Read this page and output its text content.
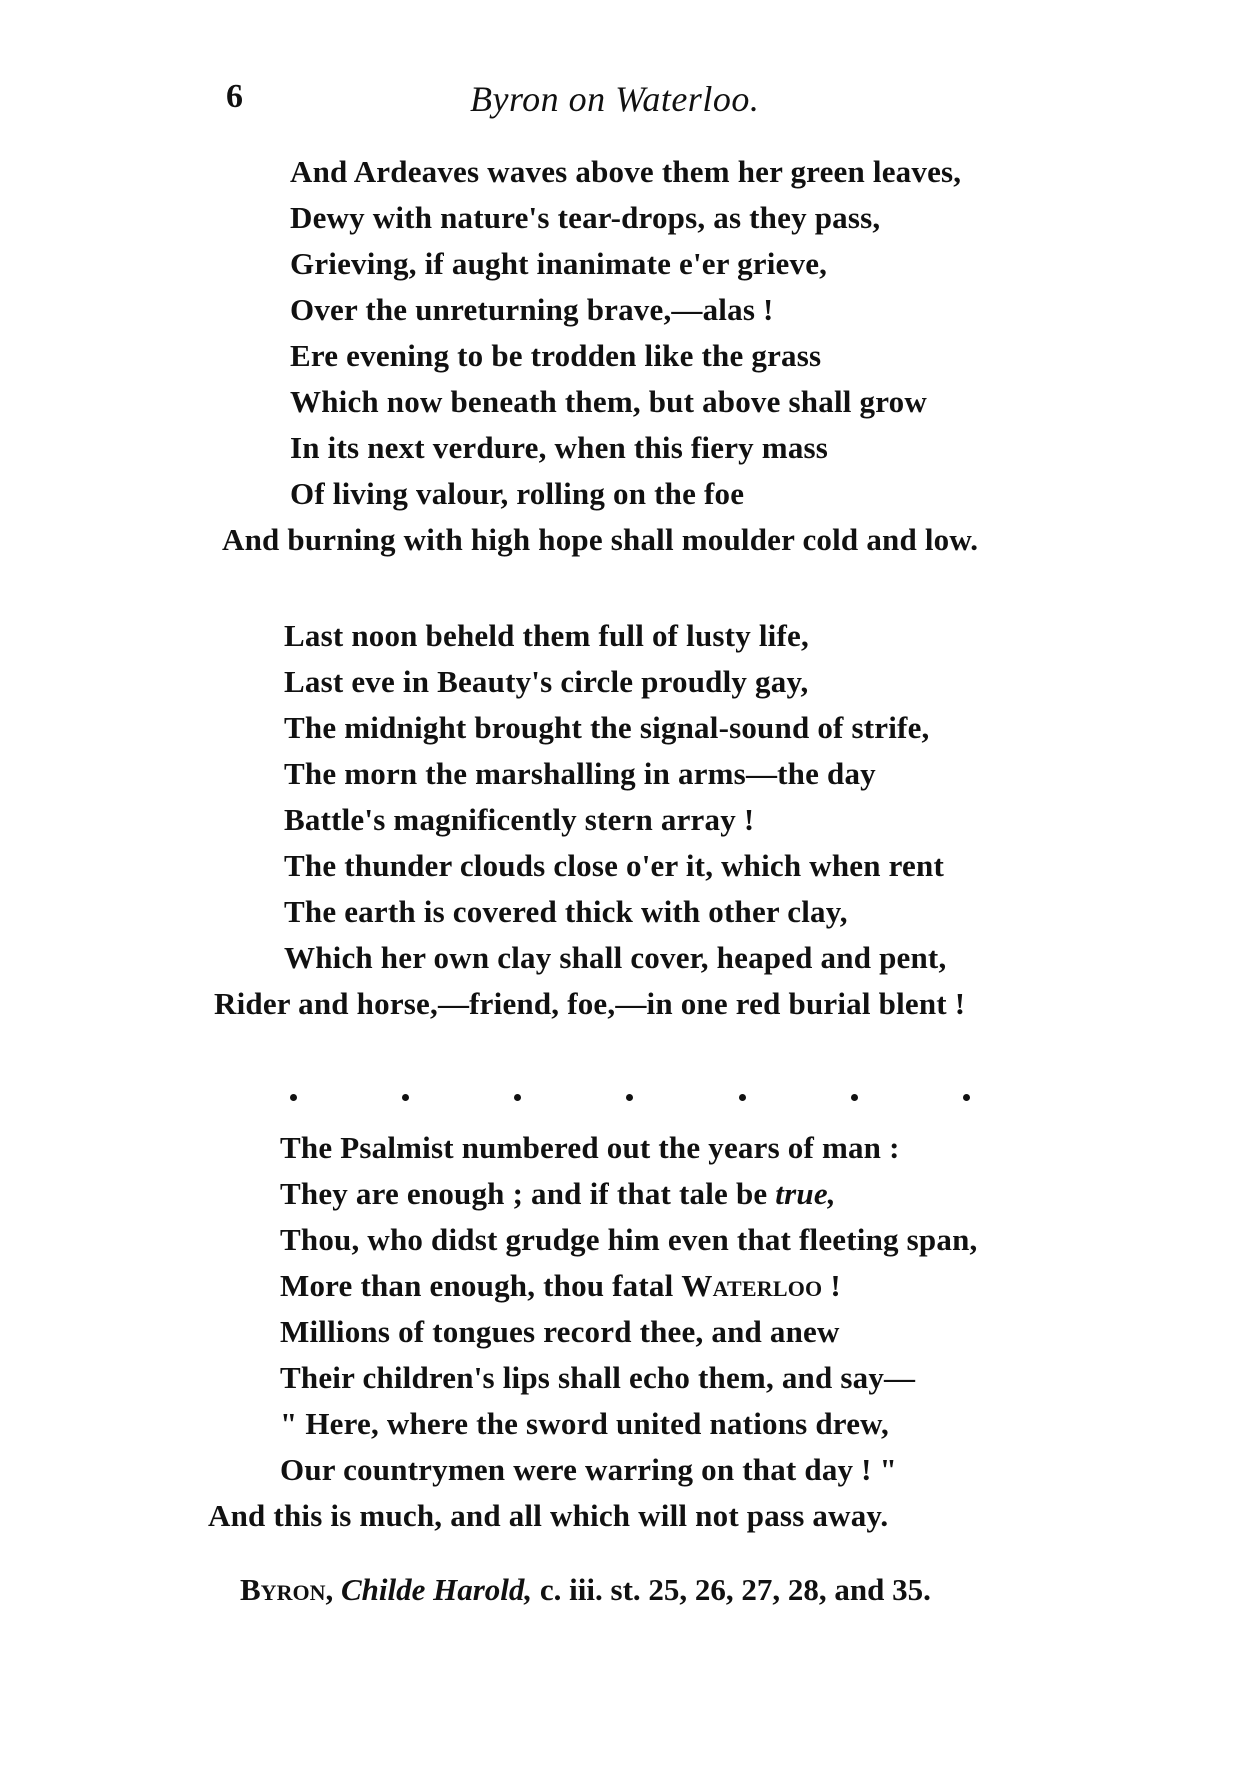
6	Byron on Waterloo.
And Ardeaves waves above them her green leaves,
Dewy with nature's tear-drops, as they pass,
Grieving, if aught inanimate e'er grieve,
Over the unreturning brave,—alas !
Ere evening to be trodden like the grass
Which now beneath them, but above shall grow
In its next verdure, when this fiery mass
Of living valour, rolling on the foe
And burning with high hope shall moulder cold and low.
Last noon beheld them full of lusty life,
Last eve in Beauty's circle proudly gay,
The midnight brought the signal-sound of strife,
The morn the marshalling in arms—the day
Battle's magnificently stern array !
The thunder clouds close o'er it, which when rent
The earth is covered thick with other clay,
Which her own clay shall cover, heaped and pent,
Rider and horse,—friend, foe,—in one red burial blent !
The Psalmist numbered out the years of man :
They are enough ; and if that tale be true,
Thou, who didst grudge him even that fleeting span,
More than enough, thou fatal Waterloo !
Millions of tongues record thee, and anew
Their children's lips shall echo them, and say—
" Here, where the sword united nations drew,
Our countrymen were warring on that day ! "
And this is much, and all which will not pass away.
Byron, Childe Harold, c. iii. st. 25, 26, 27, 28, and 35.
